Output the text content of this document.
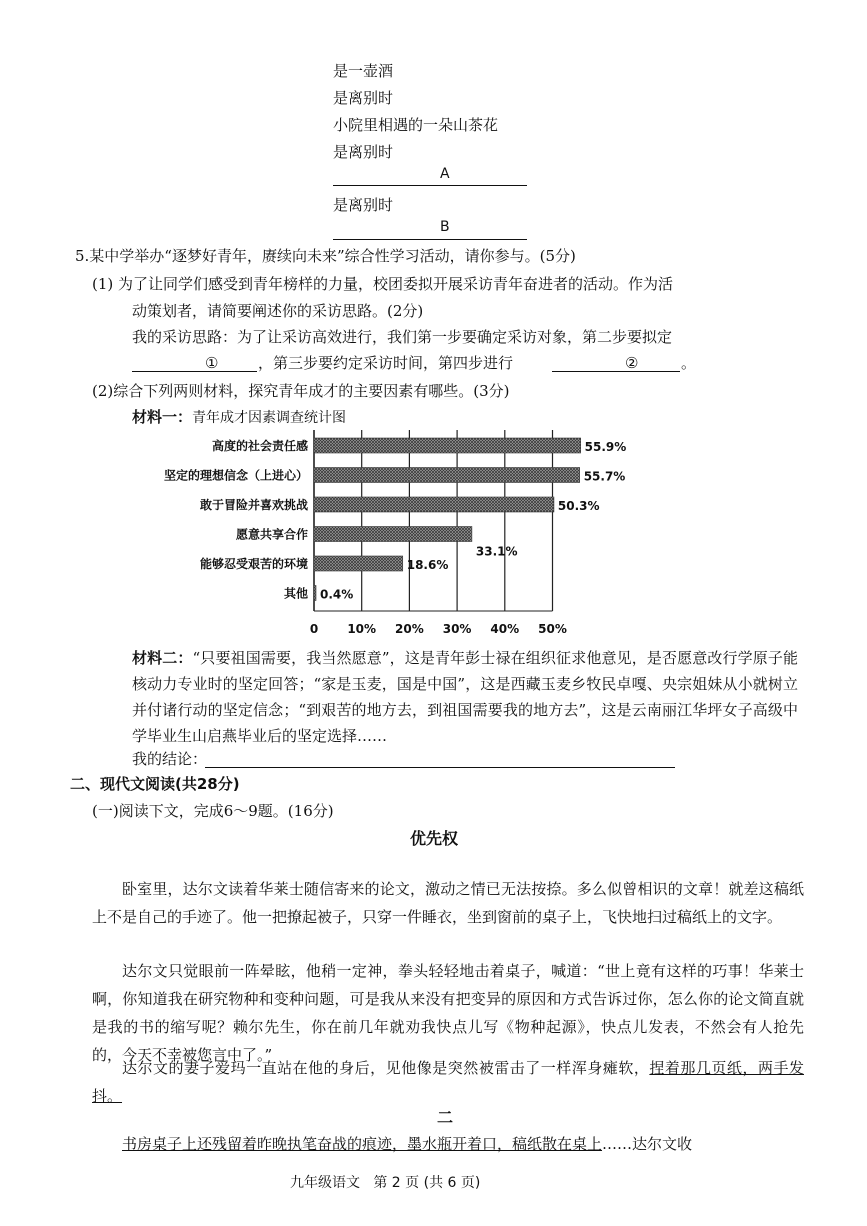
是一壶酒
是离别时
小院里相遇的一朵山茶花
是离别时
A
是离别时
B
5.某中学举办“逐梦好青年，赓续向未来”综合性学习活动，请你参与。(5分)
(1) 为了让同学们感受到青年榜样的力量，校团委拟开展采访青年奋进者的活动。作为活
动策划者，请简要阐述你的采访思路。(2分)
我的采访思路：为了让采访高效进行，我们第一步要确定采访对象，第二步要拟定
①	，第三步要约定采访时间，第四步进行	②	。
(2)综合下列两则材料，探究青年成才的主要因素有哪些。(3分)
材料一：青年成才因素调查统计图
0 10% 20% 30% 40% 50%
高度的社会责任感	55.9%
坚定的理想信念（上进心）	55.7%
敢于冒险并喜欢挑战	50.3%
愿意共享合作
33.1%
能够忍受艰苦的环境	18.6%
其他 0.4%
材料二：“只要祖国需要，我当然愿意”，这是青年彭士禄在组织征求他意见，是否愿意改行学原子能核动力专业时的坚定回答；“家是玉麦，国是中国”，这是西藏玉麦乡牧民卓嘎、央宗姐妹从小就树立并付诸行动的坚定信念；“到艰苦的地方去，到祖国需要我的地方去”，这是云南丽江华坪女子高级中学毕业生山启燕毕业后的坚定选择……
我的结论：
二、现代文阅读(共28分)
(一)阅读下文，完成6～9题。(16分)
优先权
卧室里，达尔文读着华莱士随信寄来的论文，激动之情已无法按捺。多么似曾相识的文章！就差这稿纸上不是自己的手迹了。他一把撩起被子，只穿一件睡衣，坐到窗前的桌子上，飞快地扫过稿纸上的文字。
达尔文只觉眼前一阵晕眩，他稍一定神，拳头轻轻地击着桌子，喊道：“世上竟有这样的巧事！华莱士啊，你知道我在研究物种和变种问题，可是我从来没有把变异的原因和方式告诉过你，怎么你的论文简直就是我的书的缩写呢？赖尔先生，你在前几年就劝我快点儿写《物种起源》，快点儿发表，不然会有人抢先的，今天不幸被您言中了。”
达尔文的妻子爱玛一直站在他的身后，见他像是突然被雷击了一样浑身瘫软，捏着那几页纸，两手发抖。
二
书房桌子上还残留着昨晚执笔奋战的痕迹，墨水瓶开着口，稿纸散在桌上……达尔文收
九年级语文 第 2 页 (共 6 页)
